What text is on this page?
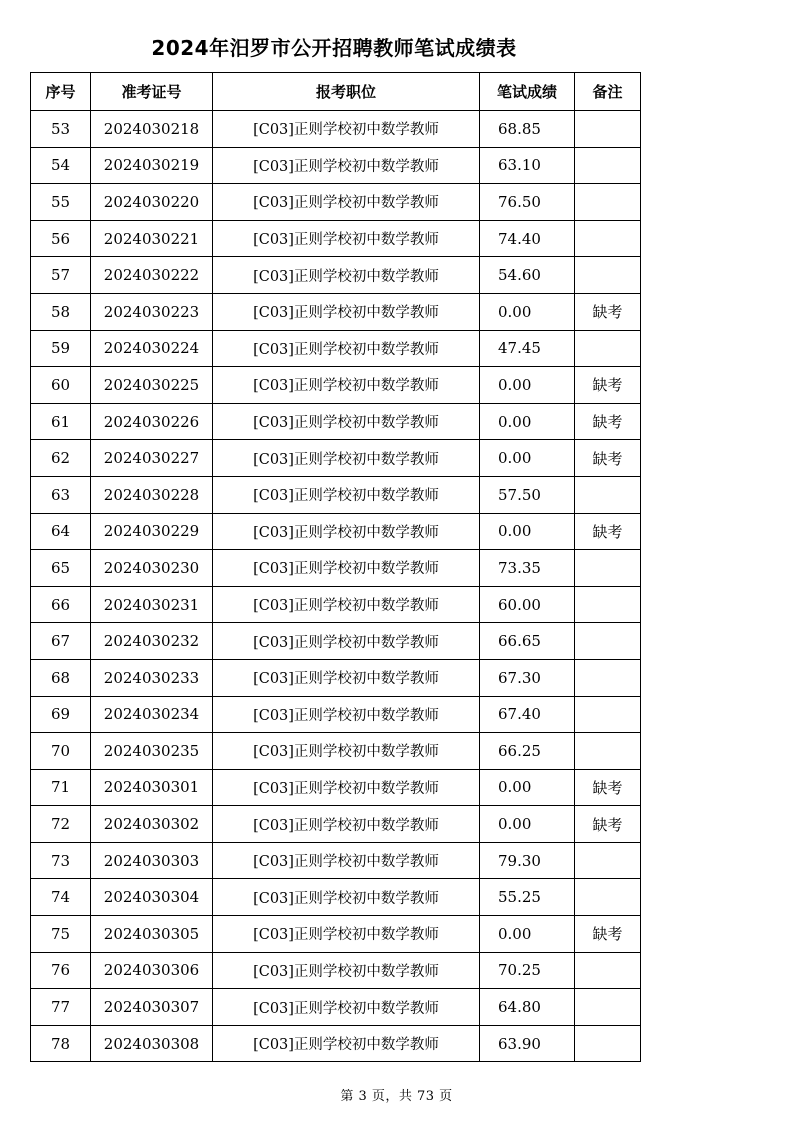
2024年汨罗市公开招聘教师笔试成绩表
序号	准考证号	报考职位	笔试成绩	备注
53	2024030218	[C03]正则学校初中数学教师	68.85	
54	2024030219	[C03]正则学校初中数学教师	63.10	
55	2024030220	[C03]正则学校初中数学教师	76.50	
56	2024030221	[C03]正则学校初中数学教师	74.40	
57	2024030222	[C03]正则学校初中数学教师	54.60	
58	2024030223	[C03]正则学校初中数学教师	0.00	缺考
59	2024030224	[C03]正则学校初中数学教师	47.45	
60	2024030225	[C03]正则学校初中数学教师	0.00	缺考
61	2024030226	[C03]正则学校初中数学教师	0.00	缺考
62	2024030227	[C03]正则学校初中数学教师	0.00	缺考
63	2024030228	[C03]正则学校初中数学教师	57.50	
64	2024030229	[C03]正则学校初中数学教师	0.00	缺考
65	2024030230	[C03]正则学校初中数学教师	73.35	
66	2024030231	[C03]正则学校初中数学教师	60.00	
67	2024030232	[C03]正则学校初中数学教师	66.65	
68	2024030233	[C03]正则学校初中数学教师	67.30	
69	2024030234	[C03]正则学校初中数学教师	67.40	
70	2024030235	[C03]正则学校初中数学教师	66.25	
71	2024030301	[C03]正则学校初中数学教师	0.00	缺考
72	2024030302	[C03]正则学校初中数学教师	0.00	缺考
73	2024030303	[C03]正则学校初中数学教师	79.30	
74	2024030304	[C03]正则学校初中数学教师	55.25	
75	2024030305	[C03]正则学校初中数学教师	0.00	缺考
76	2024030306	[C03]正则学校初中数学教师	70.25	
77	2024030307	[C03]正则学校初中数学教师	64.80	
78	2024030308	[C03]正则学校初中数学教师	63.90	
第 3 页，共 73 页
